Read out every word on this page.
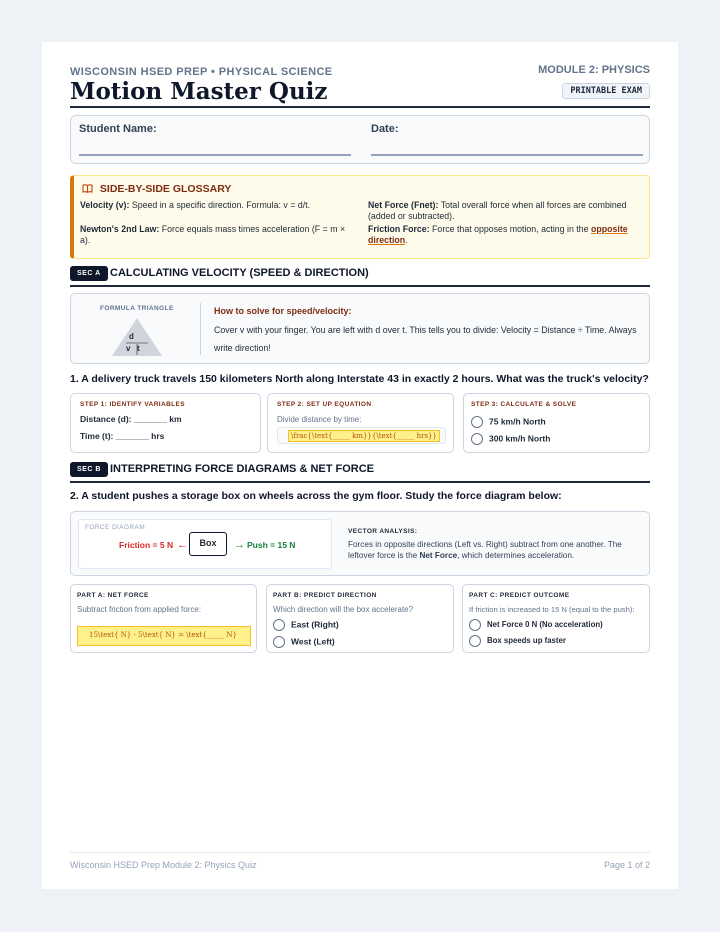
WISCONSIN HSED PREP • PHYSICAL SCIENCE
Motion Master Quiz
MODULE 2: PHYSICS
PRINTABLE EXAM
Student Name:	Date:
SIDE-BY-SIDE GLOSSARY
Velocity (v): Speed in a specific direction. Formula: v = d/t.
Newton's 2nd Law: Force equals mass times acceleration (F = m × a).
Net Force (Fnet): Total overall force when all forces are combined (added or subtracted).
Friction Force: Force that opposes motion, acting in the opposite direction.
SEC A CALCULATING VELOCITY (SPEED & DIRECTION)
FORMULA TRIANGLE
d
v t
How to solve for speed/velocity:
Cover v with your finger. You are left with d over t. This tells you to divide: Velocity = Distance ÷ Time. Always write direction!
1. A delivery truck travels 150 kilometers North along Interstate 43 in exactly 2 hours. What was the truck's velocity?
STEP 1: IDENTIFY VARIABLES
Distance (d): _______ km
Time (t): _______ hrs
STEP 2: SET UP EQUATION
Divide distance by time:
\frac{\text{_____ km}}{\text{_____ hrs}}
STEP 3: CALCULATE & SOLVE
75 km/h North
300 km/h North
SEC B INTERPRETING FORCE DIAGRAMS & NET FORCE
2. A student pushes a storage box on wheels across the gym floor. Study the force diagram below:
FORCE DIAGRAM
Friction = 5 N ←	Box	→ Push = 15 N
VECTOR ANALYSIS:
Forces in opposite directions (Left vs. Right) subtract from one another. The leftover force is the Net Force, which determines acceleration.
PART A: NET FORCE
Subtract friction from applied force:
15\text{ N} - 5\text{ N} = \text{_____ N}
PART B: PREDICT DIRECTION
Which direction will the box accelerate?
East (Right)
West (Left)
PART C: PREDICT OUTCOME
If friction is increased to 15 N (equal to the push):
Net Force 0 N (No acceleration)
Box speeds up faster
Wisconsin HSED Prep Module 2: Physics Quiz	Page 1 of 2
